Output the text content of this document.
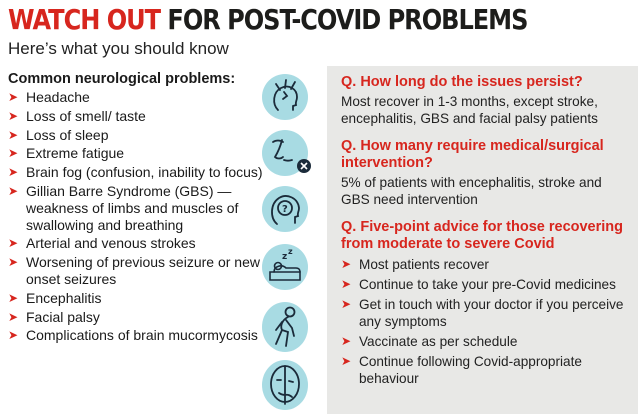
WATCH OUT FOR POST-COVID PROBLEMS
Here’s what you should know

Common neurological problems:

➤ Headache
➤ Loss of smell/ taste
➤ Loss of sleep
➤ Extreme fatigue
➤ Brain fog (confusion, inability to focus)
➤ Gillian Barre Syndrome (GBS) — weakness of limbs and muscles of swallowing and breathing
➤ Arterial and venous strokes
➤ Worsening of previous seizure or new onset seizures
➤ Encephalitis
➤ Facial palsy
➤ Complications of brain mucormycosis
?
z
z

Q. How long do the issues persist?

Most recover in 1-3 months, except stroke, encephalitis, GBS and facial palsy patients

Q. How many require medical/surgical intervention?

5% of patients with encephalitis, stroke and GBS need intervention

Q. Five-point advice for those recovering from moderate to severe Covid

➤ Most patients recover
➤ Continue to take your pre-Covid medicines
➤ Get in touch with your doctor if you perceive any symptoms
➤ Vaccinate as per schedule
➤ Continue following Covid-appropriate behaviour
